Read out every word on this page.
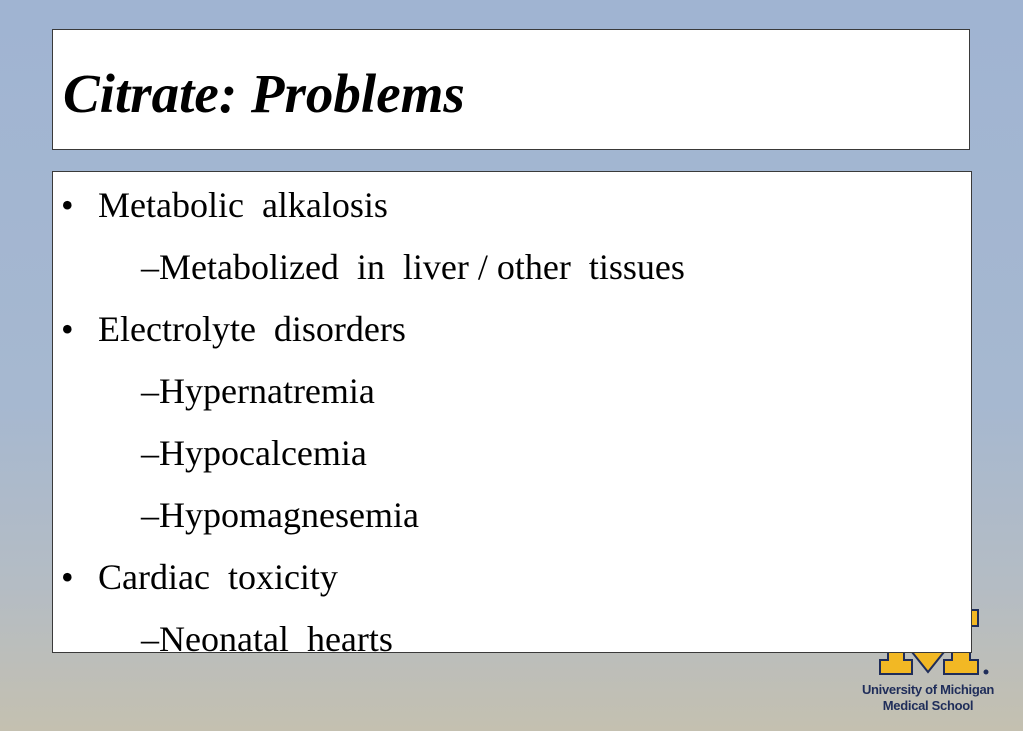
University of Michigan
Medical School
Citrate: Problems
• Metabolic  alkalosis
–Metabolized  in  liver / other  tissues
• Electrolyte  disorders
–Hypernatremia
–Hypocalcemia
–Hypomagnesemia
• Cardiac  toxicity
–Neonatal  hearts
